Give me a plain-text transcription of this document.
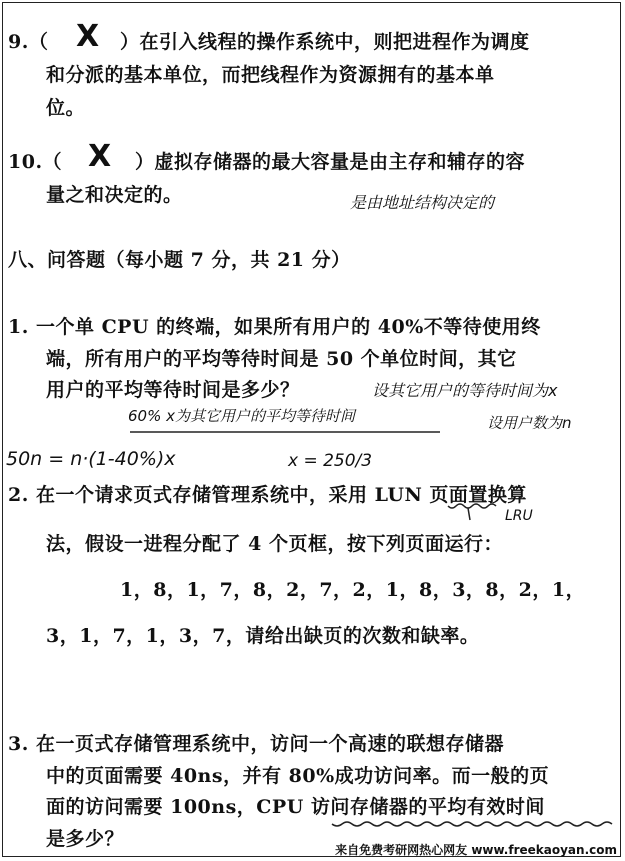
9.（ X ）在引入线程的操作系统中，则把进程作为调度
和分派的基本单位，而把线程作为资源拥有的基本单
位。
10.（ X ）虚拟存储器的最大容量是由主存和辅存的容
量之和决定的。	是由地址结构决定的
八、问答题（每小题 7 分，共 21 分）
1. 一个单 CPU 的终端，如果所有用户的 40%不等待使用终
端，所有用户的平均等待时间是 50 个单位时间，其它
用户的平均等待时间是多少？	设其它用户的等待时间为x
60% x为其它用户的平均等待时间	设用户数为n
50n = n·(1-40%)x	x = 250/3
2. 在一个请求页式存储管理系统中，采用 LUN 页面置换算
LRU
法，假设一进程分配了 4 个页框，按下列页面运行：
1，8，1，7，8，2，7，2，1，8，3，8，2，1，
3，1，7，1，3，7，请给出缺页的次数和缺率。
3. 在一页式存储管理系统中，访问一个高速的联想存储器
中的页面需要 40ns，并有 80%成功访问率。而一般的页
面的访问需要 100ns，CPU 访问存储器的平均有效时间
是多少？	来自免费考研网热心网友 www.freekaoyan.com
